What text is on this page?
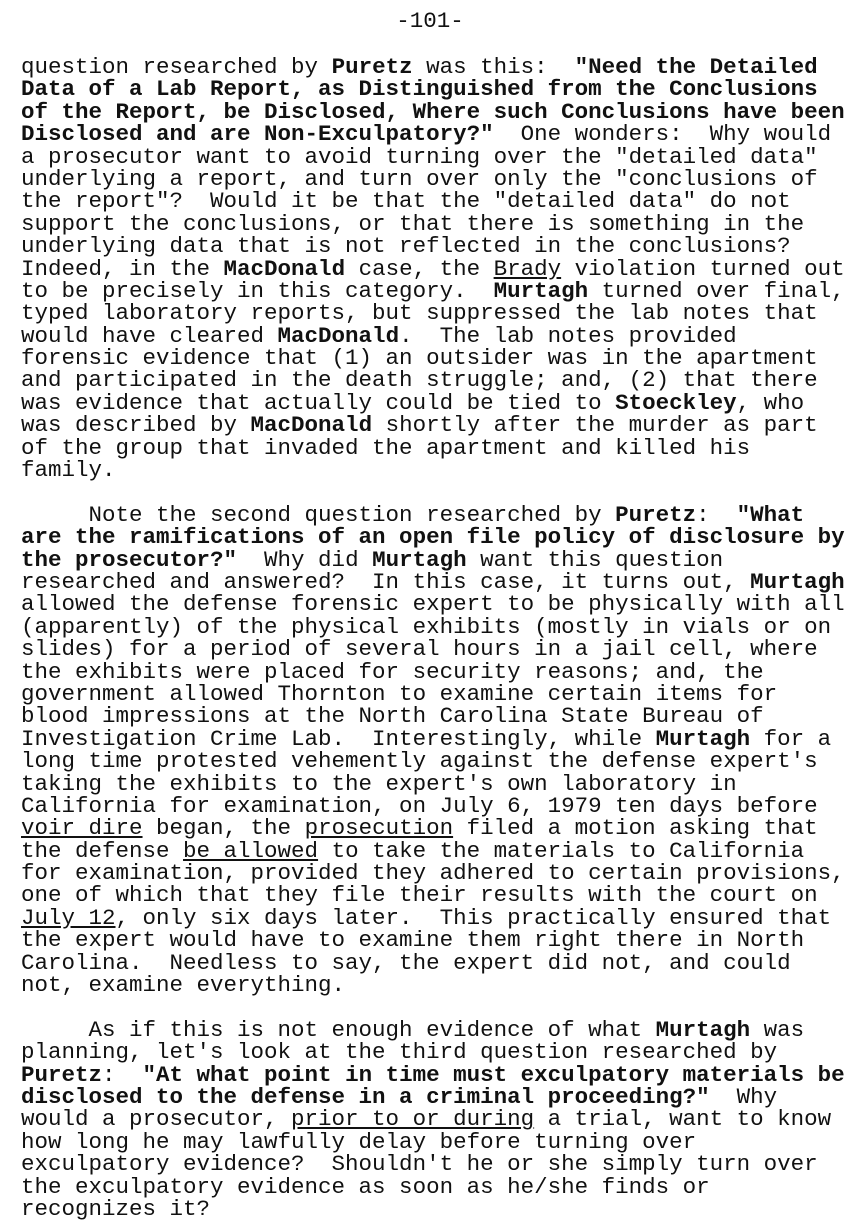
-101-
question researched by Puretz was this:  "Need the Detailed
Data of a Lab Report, as Distinguished from the Conclusions
of the Report, be Disclosed, Where such Conclusions have been
Disclosed and are Non-Exculpatory?"  One wonders:  Why would
a prosecutor want to avoid turning over the "detailed data"
underlying a report, and turn over only the "conclusions of
the report"?  Would it be that the "detailed data" do not
support the conclusions, or that there is something in the
underlying data that is not reflected in the conclusions?
Indeed, in the MacDonald case, the Brady violation turned out
to be precisely in this category.  Murtagh turned over final,
typed laboratory reports, but suppressed the lab notes that
would have cleared MacDonald.  The lab notes provided
forensic evidence that (1) an outsider was in the apartment
and participated in the death struggle; and, (2) that there
was evidence that actually could be tied to Stoeckley, who
was described by MacDonald shortly after the murder as part
of the group that invaded the apartment and killed his
family.
Note the second question researched by Puretz:  "What
are the ramifications of an open file policy of disclosure by
the prosecutor?"  Why did Murtagh want this question
researched and answered?  In this case, it turns out, Murtagh
allowed the defense forensic expert to be physically with all
(apparently) of the physical exhibits (mostly in vials or on
slides) for a period of several hours in a jail cell, where
the exhibits were placed for security reasons; and, the
government allowed Thornton to examine certain items for
blood impressions at the North Carolina State Bureau of
Investigation Crime Lab.  Interestingly, while Murtagh for a
long time protested vehemently against the defense expert's
taking the exhibits to the expert's own laboratory in
California for examination, on July 6, 1979 ten days before
voir dire began, the prosecution filed a motion asking that
the defense be allowed to take the materials to California
for examination, provided they adhered to certain provisions,
one of which that they file their results with the court on
July 12, only six days later.  This practically ensured that
the expert would have to examine them right there in North
Carolina.  Needless to say, the expert did not, and could
not, examine everything.
As if this is not enough evidence of what Murtagh was
planning, let's look at the third question researched by
Puretz:  "At what point in time must exculpatory materials be
disclosed to the defense in a criminal proceeding?"  Why
would a prosecutor, prior to or during a trial, want to know
how long he may lawfully delay before turning over
exculpatory evidence?  Shouldn't he or she simply turn over
the exculpatory evidence as soon as he/she finds or
recognizes it?
